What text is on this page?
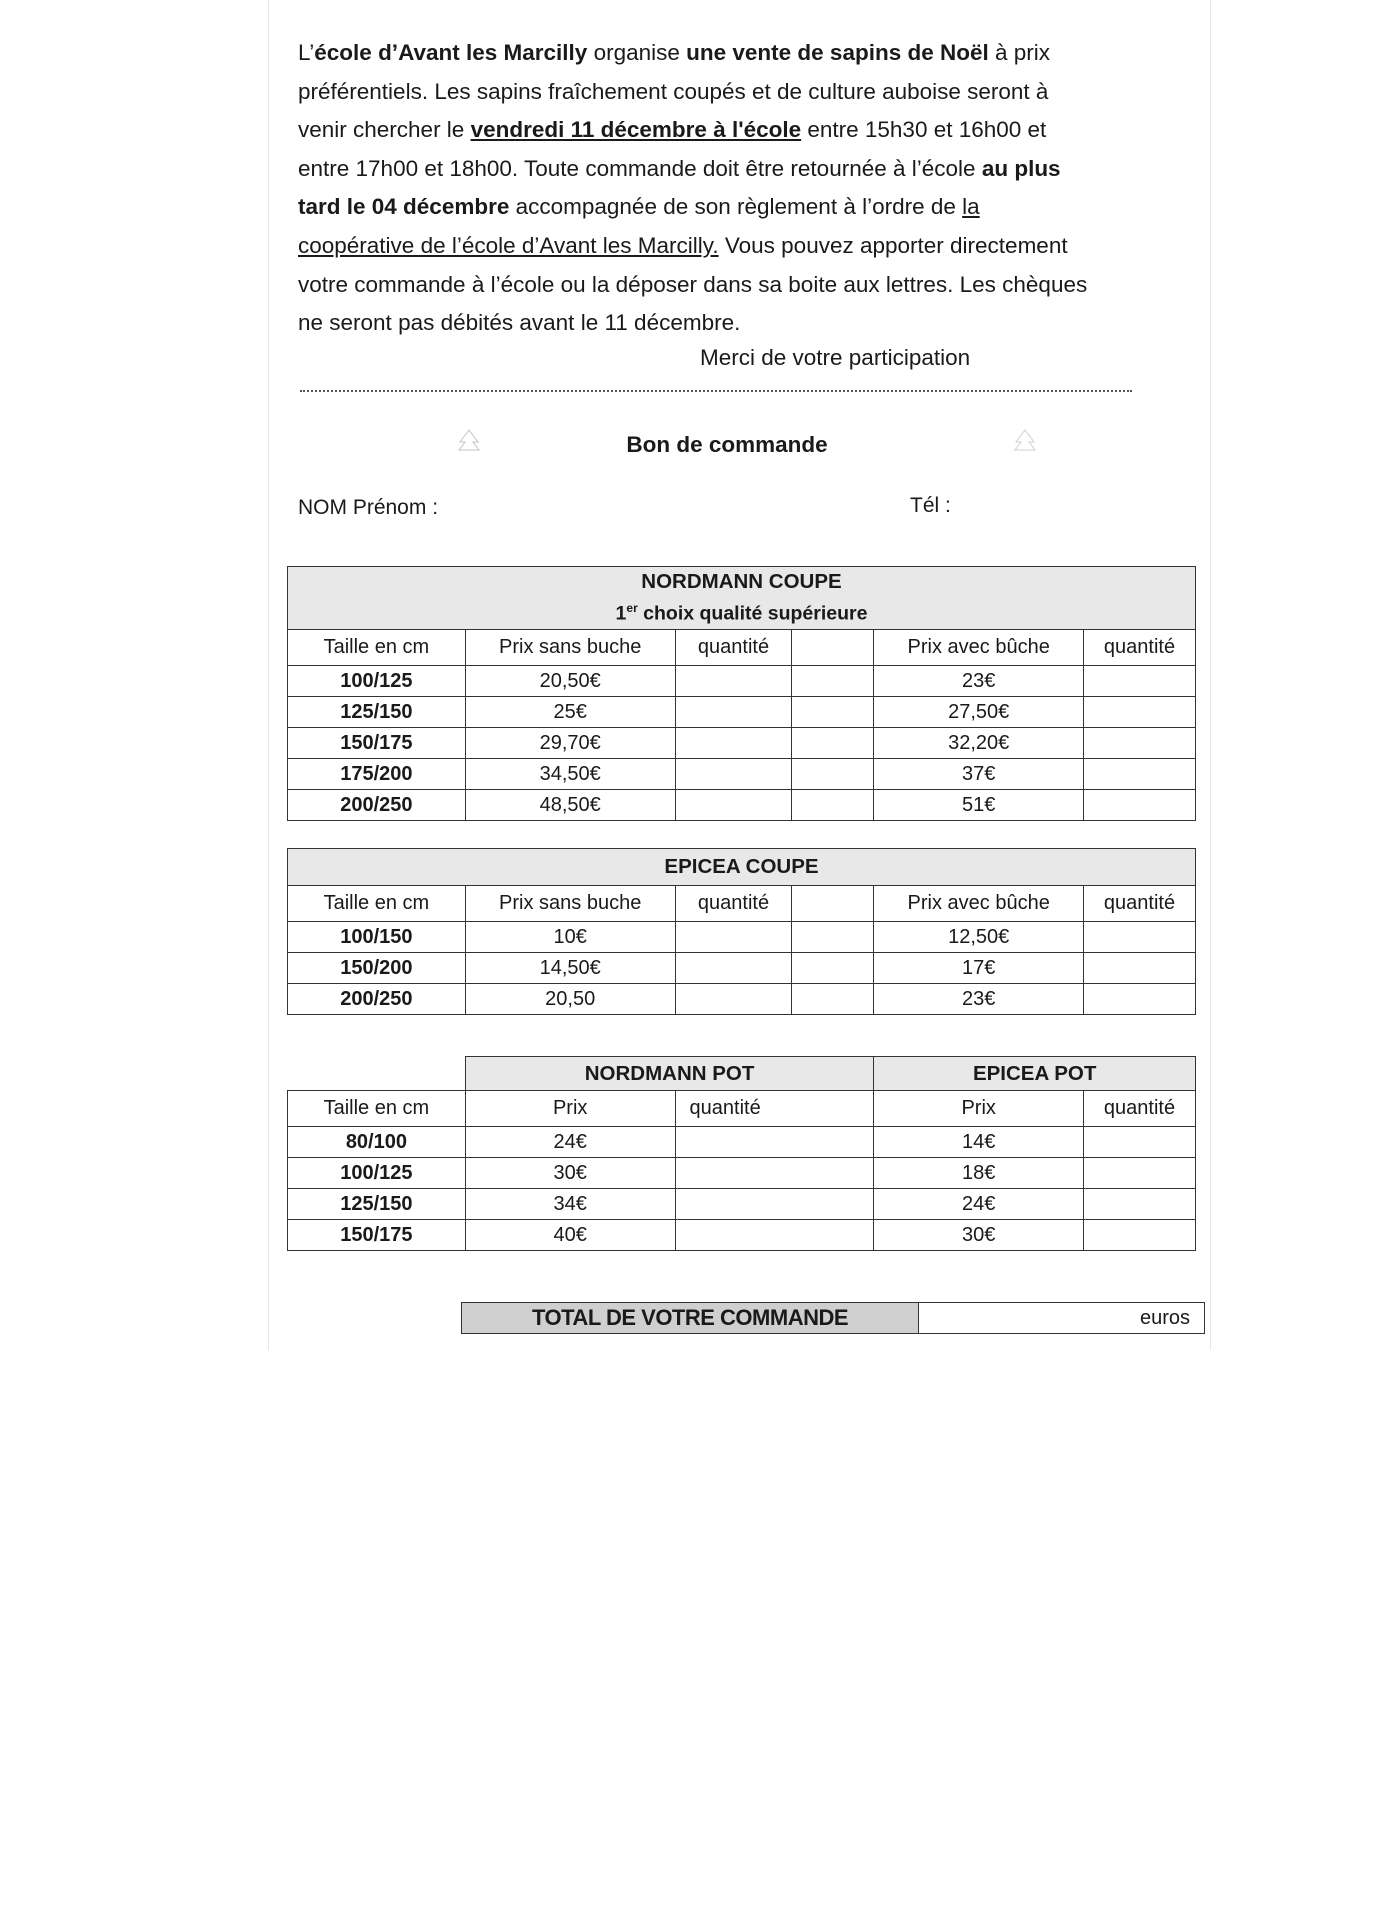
L’école d’Avant les Marcilly organise une vente de sapins de Noël à prix

préférentiels. Les sapins fraîchement coupés et de culture auboise seront à

venir chercher le vendredi 11 décembre à l'école entre 15h30 et 16h00 et

entre 17h00 et 18h00. Toute commande doit être retournée à l’école au plus

tard le 04 décembre accompagnée de son règlement à l’ordre de la

coopérative de l’école d’Avant les Marcilly. Vous pouvez apporter directement

votre commande à l’école ou la déposer dans sa boite aux lettres. Les chèques

ne seront pas débités avant le 11 décembre.

Merci de votre participation
Bon de commande
NOM Prénom :	Tél :
NORDMANN COUPE
1er choix qualité supérieure					

Taille en cm	Prix sans buche	quantité		Prix avec bûche	quantité
100/125	20,50€			23€	
125/150	25€			27,50€	
150/175	29,70€			32,20€	
175/200	34,50€			37€	
200/250	48,50€			51€	
EPICEA COUPE					
Taille en cm	Prix sans buche	quantité		Prix avec bûche	quantité
100/150	10€			12,50€	
150/200	14,50€			17€	
200/250	20,50			23€	
	NORDMANN POT		EPICEA POT	
Taille en cm	Prix	quantité	Prix	quantité
80/100	24€		14€	
100/125	30€		18€	
125/150	34€		24€	
150/175	40€		30€	
TOTAL DE VOTRE COMMANDE	euros
